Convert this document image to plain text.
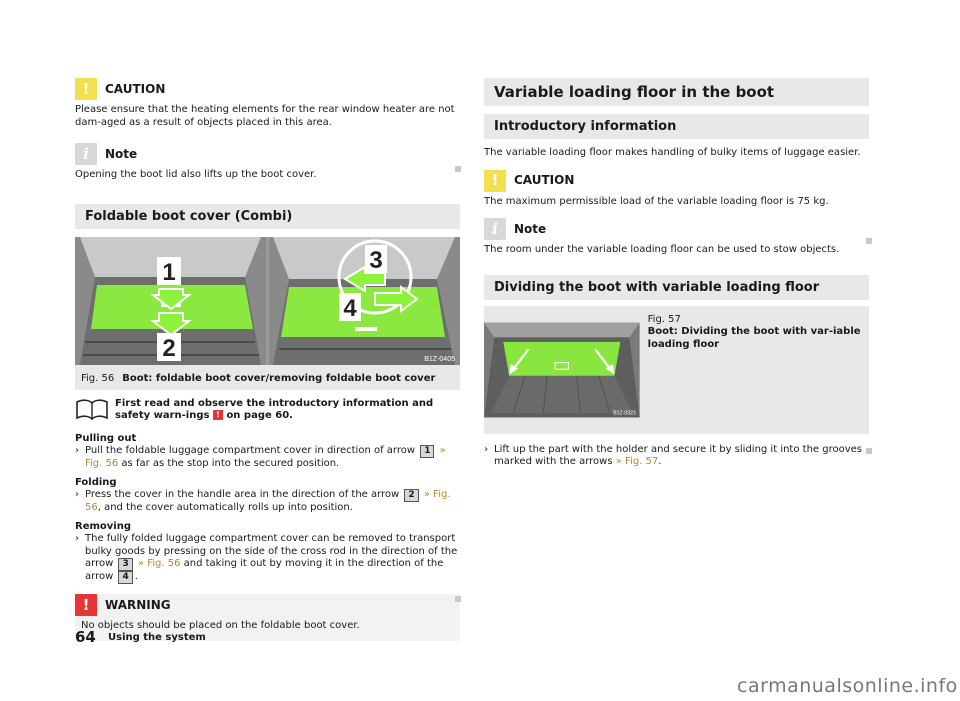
!	CAUTION

Please ensure that the heating elements for the rear window heater are not dam-aged as a result of objects placed in this area.

i	Note

Opening the boot lid also lifts up the boot cover.

Foldable boot cover (Combi)
1
2
3
4
B1Z-0405
Fig. 56 Boot: foldable boot cover/removing foldable boot cover
First read and observe the introductory information and safety warn-ings ! on page 60.
Pulling out
› Pull the foldable luggage compartment cover in direction of arrow 1 » Fig. 56 as far as the stop into the secured position.
Folding
› Press the cover in the handle area in the direction of the arrow 2 » Fig. 56, and the cover automatically rolls up into position.
Removing
› The fully folded luggage compartment cover can be removed to transport bulky goods by pressing on the side of the cross rod in the direction of the arrow 3 » Fig. 56 and taking it out by moving it in the direction of the arrow 4 .
!	WARNING

No objects should be placed on the foldable boot cover.

Variable loading floor in the boot
Introductory information

The variable loading floor makes handling of bulky items of luggage easier.

!	CAUTION

The maximum permissible load of the variable loading floor is 75 kg.

i	Note

The room under the variable loading floor can be used to stow objects.

Dividing the boot with variable loading floor
B1Z-0323
Fig. 57
Boot: Dividing the boot with var-iable loading floor
› Lift up the part with the holder and secure it by sliding it into the grooves marked with the arrows » Fig. 57.
64 Using the system
carmanualsonline.info
